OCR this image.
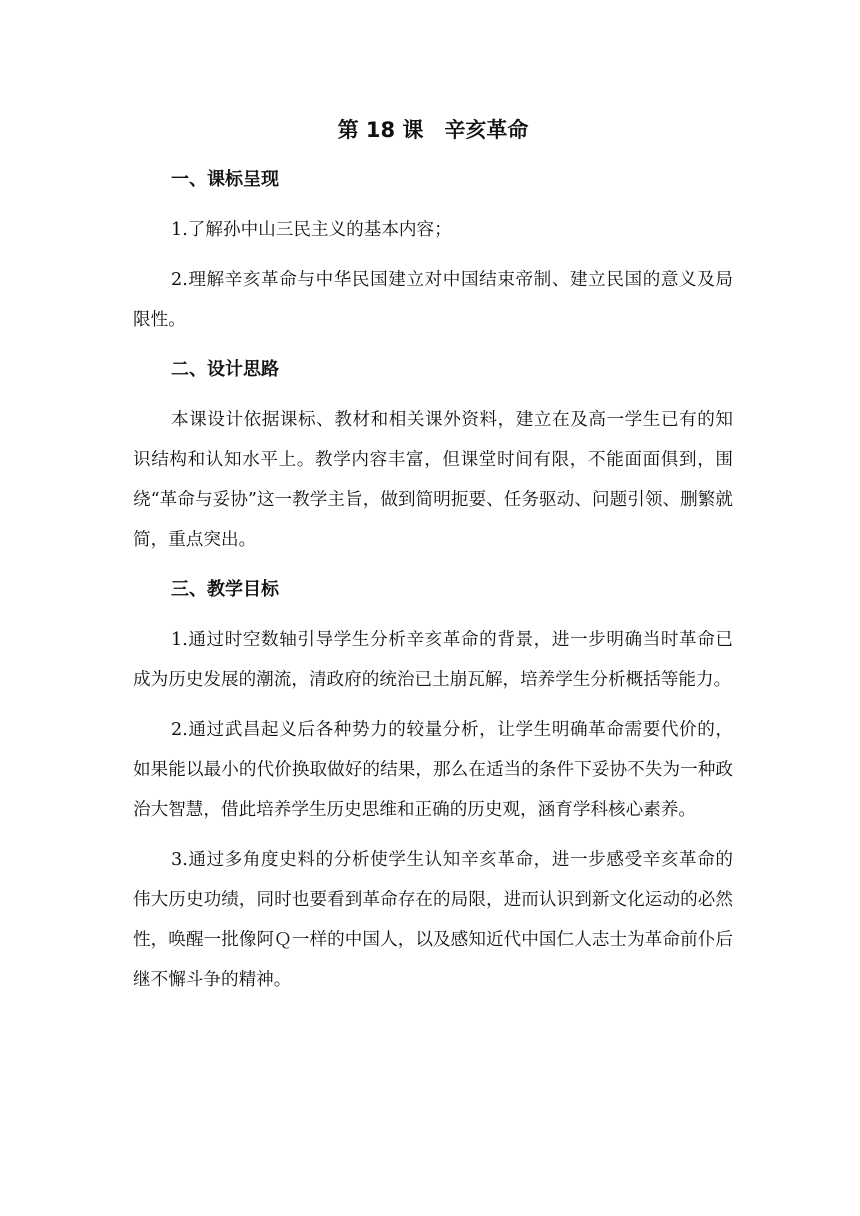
第 18 课　辛亥革命
一、课标呈现

1.了解孙中山三民主义的基本内容；

2.理解辛亥革命与中华民国建立对中国结束帝制、建立民国的意义及局限性。

二、设计思路

本课设计依据课标、教材和相关课外资料，建立在及高一学生已有的知识结构和认知水平上。教学内容丰富，但课堂时间有限，不能面面俱到，围绕“革命与妥协”这一教学主旨，做到简明扼要、任务驱动、问题引领、删繁就简，重点突出。

三、教学目标

1.通过时空数轴引导学生分析辛亥革命的背景，进一步明确当时革命已成为历史发展的潮流，清政府的统治已土崩瓦解，培养学生分析概括等能力。

2.通过武昌起义后各种势力的较量分析，让学生明确革命需要代价的，如果能以最小的代价换取做好的结果，那么在适当的条件下妥协不失为一种政治大智慧，借此培养学生历史思维和正确的历史观，涵育学科核心素养。

3.通过多角度史料的分析使学生认知辛亥革命，进一步感受辛亥革命的伟大历史功绩，同时也要看到革命存在的局限，进而认识到新文化运动的必然性，唤醒一批像阿Ｑ一样的中国人，以及感知近代中国仁人志士为革命前仆后继不懈斗争的精神。
